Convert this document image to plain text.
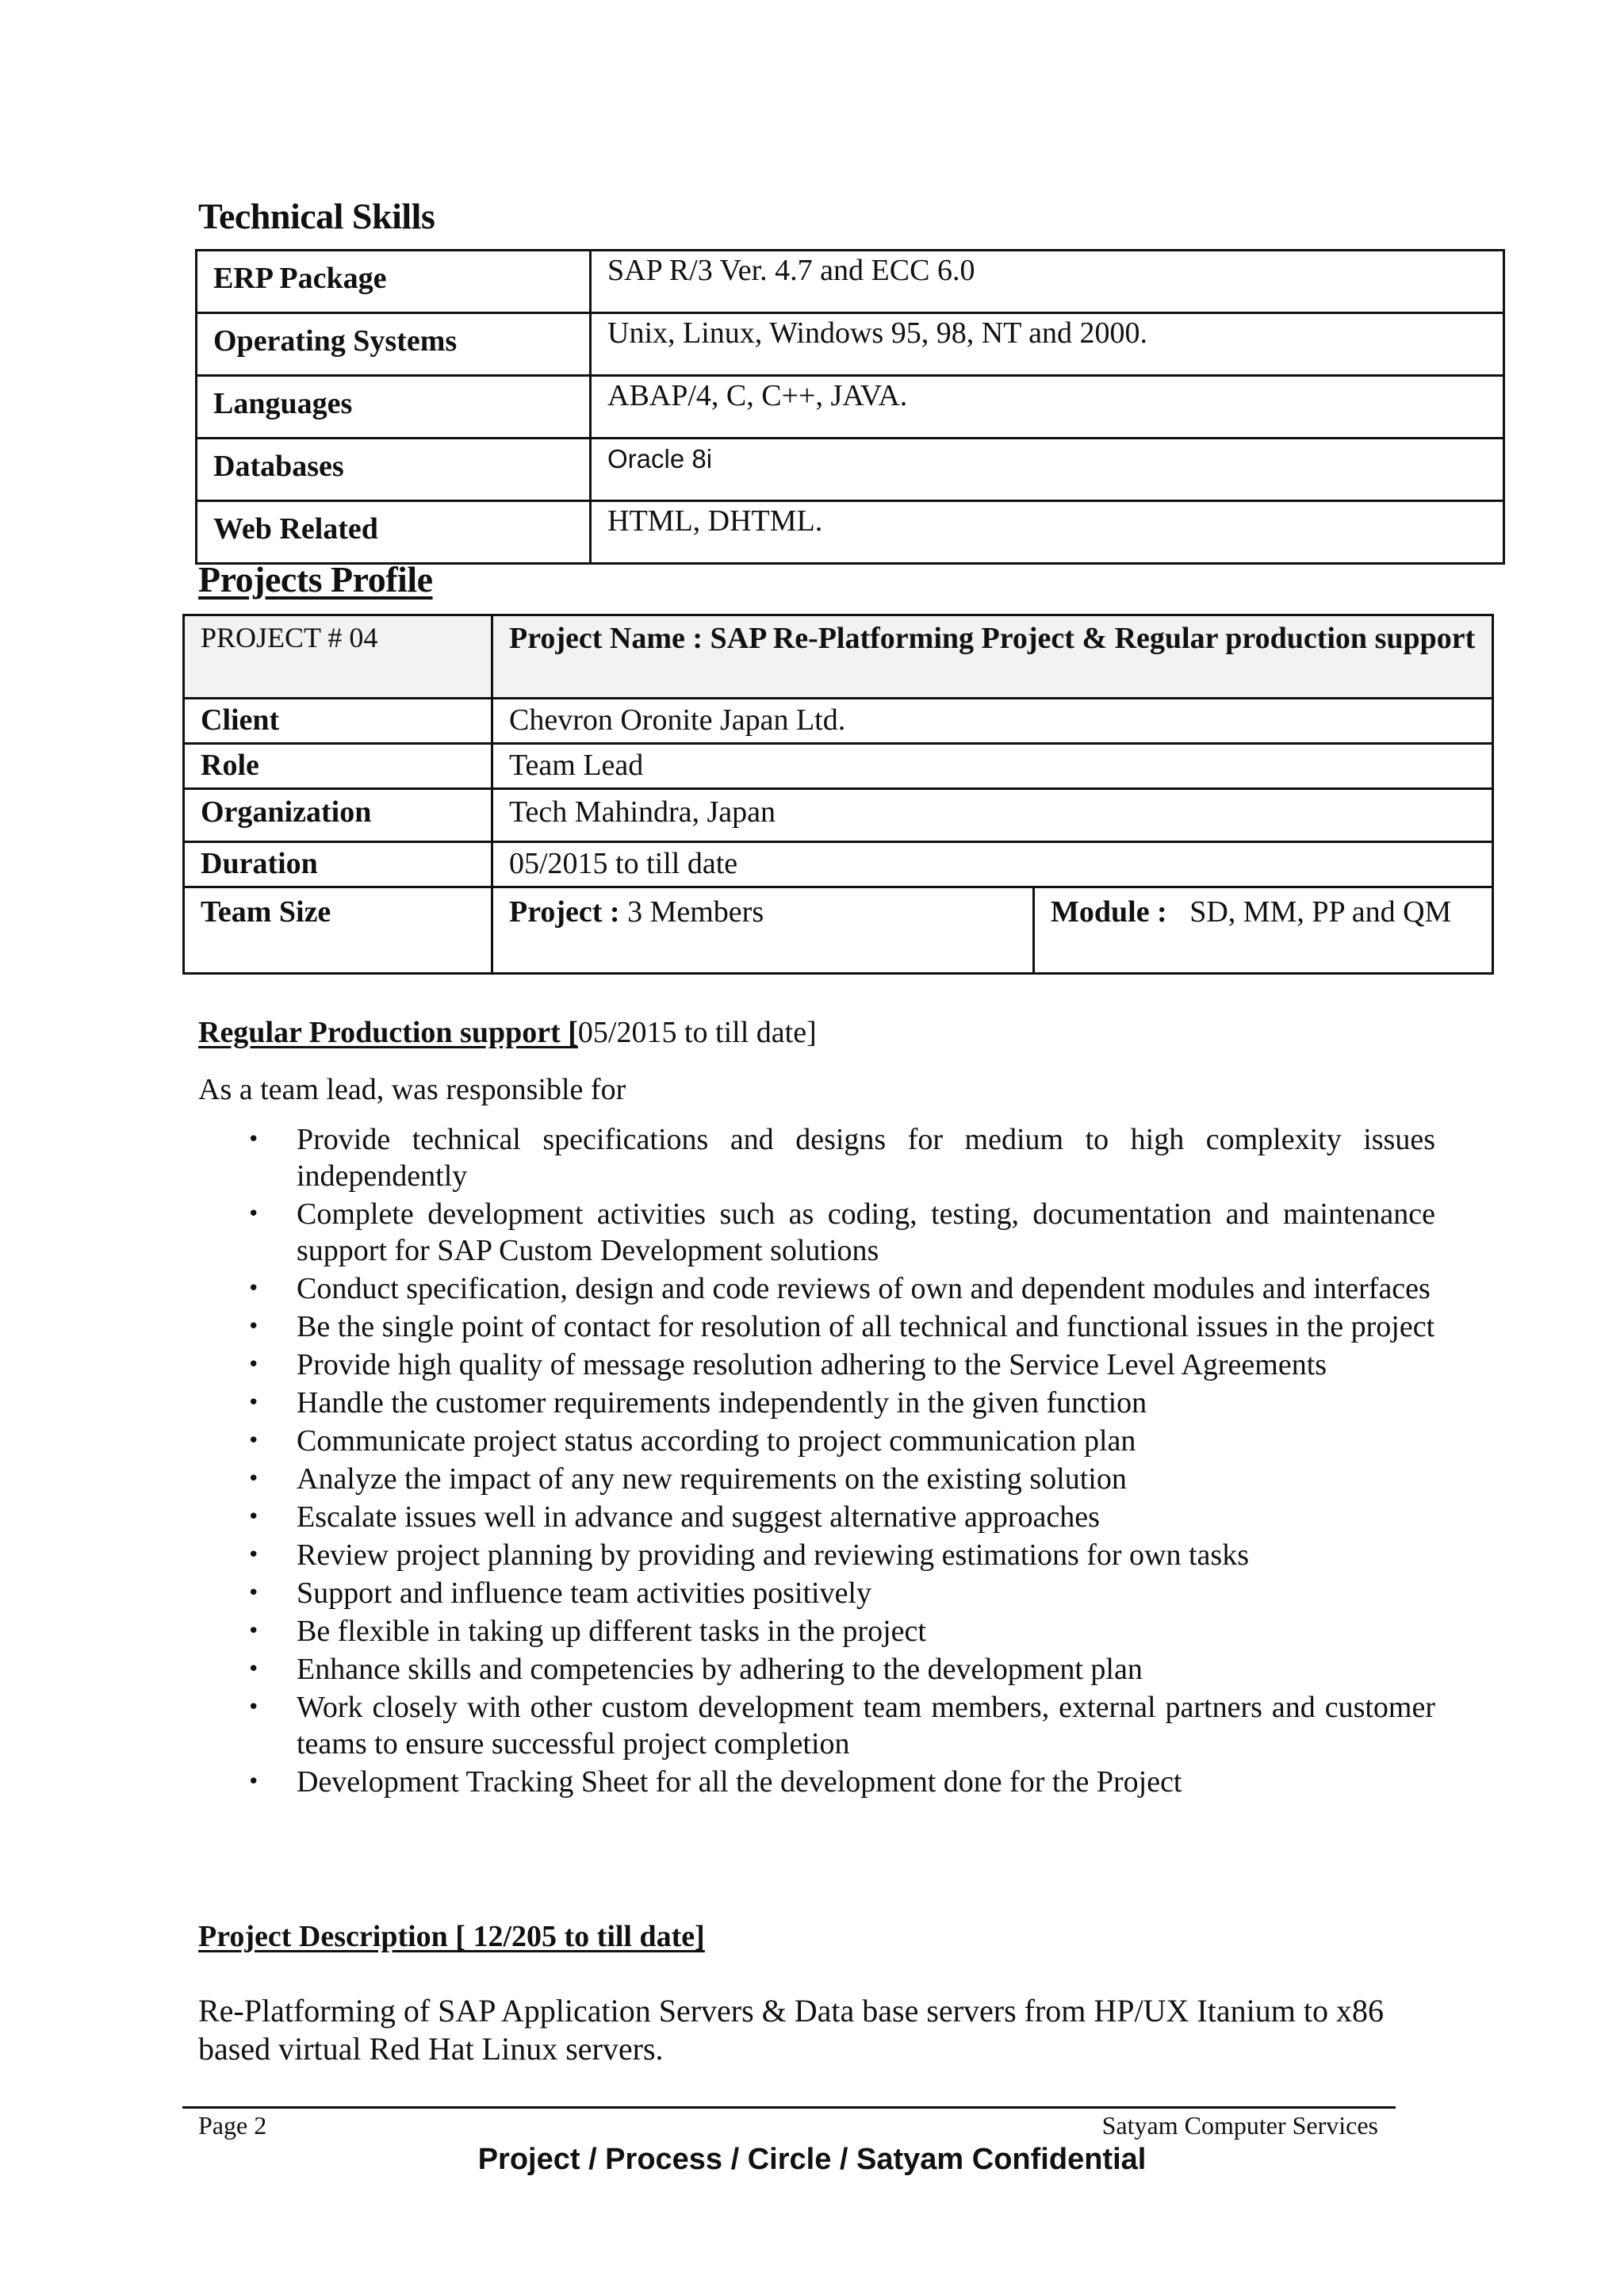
Technical Skills
ERP Package	SAP R/3 Ver. 4.7 and ECC 6.0
Operating Systems	Unix, Linux, Windows 95, 98, NT and 2000.
Languages	ABAP/4, C, C++, JAVA.
Databases	Oracle 8i
Web Related	HTML, DHTML.
Projects Profile
PROJECT # 04	Project Name : SAP Re-Platforming Project & Regular production support	
Client	Chevron Oronite Japan Ltd.	
Role	Team Lead	
Organization	Tech Mahindra, Japan	
Duration	05/2015 to till date	
Team Size	Project : 3 Members	Module : SD, MM, PP and QM

Regular Production support [05/2015 to till date]

As a team lead, was responsible for

• Provide technical specifications and designs for medium to high complexity issues independently
• Complete development activities such as coding, testing, documentation and maintenance support for SAP Custom Development solutions
• Conduct specification, design and code reviews of own and dependent modules and interfaces
• Be the single point of contact for resolution of all technical and functional issues in the project
• Provide high quality of message resolution adhering to the Service Level Agreements
• Handle the customer requirements independently in the given function
• Communicate project status according to project communication plan
• Analyze the impact of any new requirements on the existing solution
• Escalate issues well in advance and suggest alternative approaches
• Review project planning by providing and reviewing estimations for own tasks
• Support and influence team activities positively
• Be flexible in taking up different tasks in the project
• Enhance skills and competencies by adhering to the development plan
• Work closely with other custom development team members, external partners and customer teams to ensure successful project completion
• Development Tracking Sheet for all the development done for the Project

Project Description [ 12/205 to till date]

Re-Platforming of SAP Application Servers & Data base servers from HP/UX Itanium to x86 based virtual Red Hat Linux servers.

Page 2	Satyam Computer Services

Project / Process / Circle / Satyam Confidential
